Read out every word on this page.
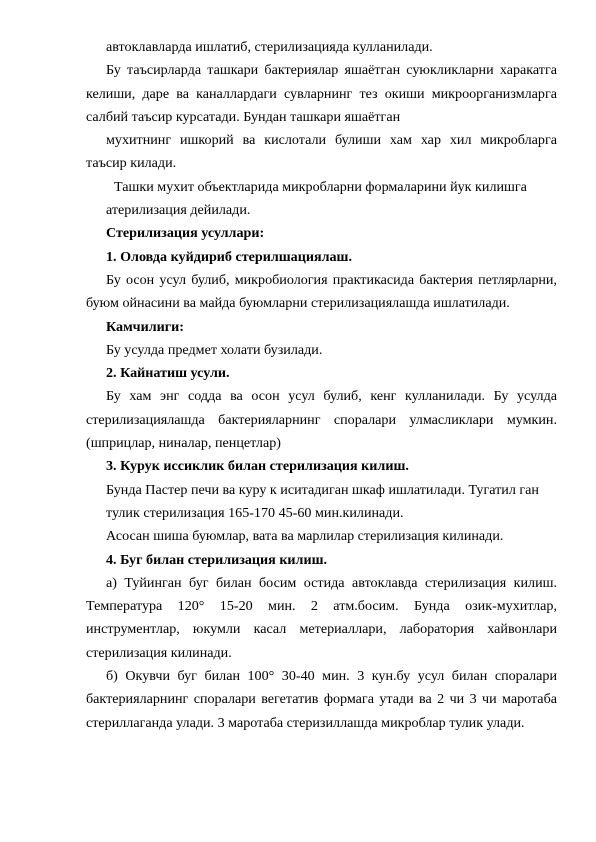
автоклавларда ишлатиб, стерилизацияда кулланилади.

Бу таъсирларда ташкари бактериялар яшаётган суюкликларни харакатга келиши, даре ва каналлардаги сувларнинг тез окиши микроорганизмларга салбий таъсир курсатади. Бундан ташкари яшаётган

мухитнинг ишкорий ва кислотали булиши хам хар хил микробларга таъсир килади.

Ташки мухит объектларида микробларни формаларини йук килишга

атерилизация дейилади.

Стерилизация усуллари:

1. Оловда куйдириб стерилшациялаш.

Бу осон усул булиб, микробиология практикасида бактерия петлярларни, буюм ойнасини ва майда буюмларни стерилизациялашда ишлатилади.

Камчилиги:

Бу усулда предмет холати бузилади.

2. Кайнатиш усули.

Бу хам энг содда ва осон усул булиб, кенг кулланилади. Бу усулда стерилизациялашда бактерияларнинг споралари улмасликлари мумкин. (шприцлар, ниналар, пенцетлар)

3. Курук иссиклик билан стерилизация килиш.

Бунда Пастер печи ва куру к иситадиган шкаф ишлатилади. Тугатил ган

тулик стерилизация 165-170 45-60 мин.килинади.

Асосан шиша буюмлар, вата ва марлилар стерилизация килинади.

4. Буг билан стерилизация килиш.

а) Туйинган буг билан босим остида автоклавда стерилизация килиш. Температура 120° 15-20 мин. 2 атм.босим. Бунда озик-мухитлар, инструментлар, юкумли касал метериаллари, лаборатория хайвонлари стерилизация килинади.

б) Окувчи буг билан 100° 30-40 мин. 3 кун.бу усул билан споралари бактерияларнинг споралари вегетатив формага утади ва 2 чи 3 чи маротаба стериллаганда улади. 3 маротаба стеризиллашда микроблар тулик улади.
